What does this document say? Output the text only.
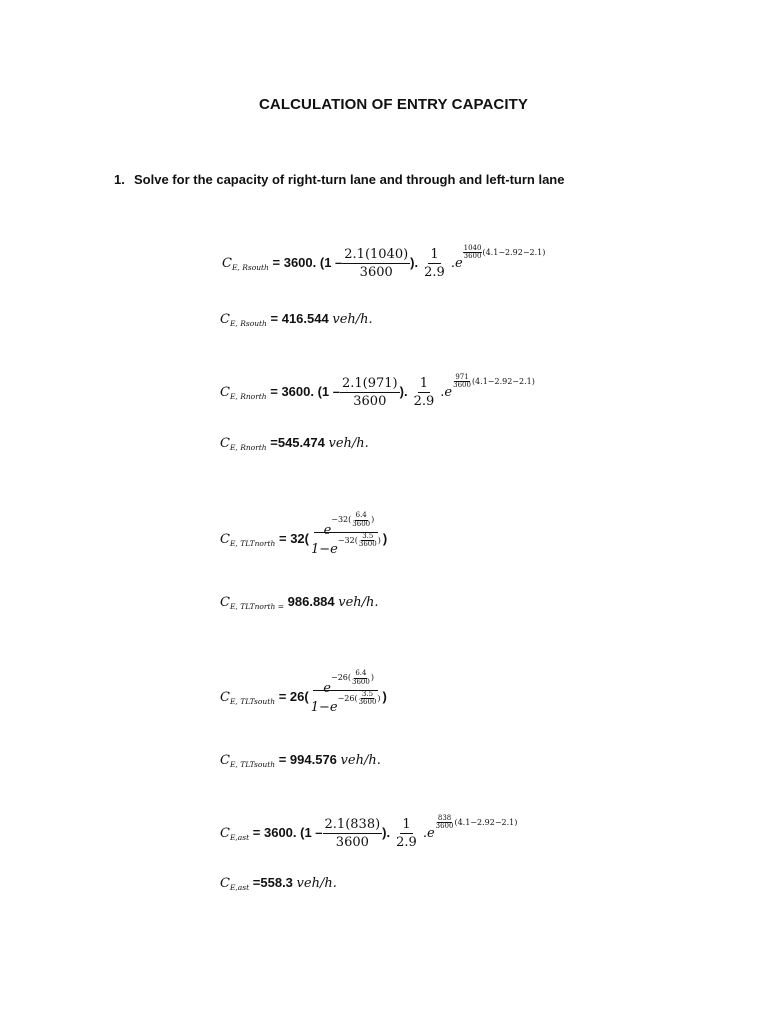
CALCULATION OF ENTRY CAPACITY
1. Solve for the capacity of right-turn lane and through and left-turn lane
$C_{E, Rsouth} = 3600$. ($1 - \frac{2.1(1040)}{3600}$ ). $\frac{1}{2.9} .e$
$^{\frac{1040}{3600} (4.1-2.92-2.1)}$
$C_{E, Rsouth} = 416.544$ veh/h.
$C_{E, Rnorth} = 3600$. ($1 - \frac{2.1(971)}{3600}$ ). $\frac{1}{2.9} .e$
$^{\frac{971}{3600} (4.1-2.92-2.1)}$
$C_{E, Rnorth} =545.474$ veh/h.
$C_{E, TLTnorth} = 32$( $e-32( \frac{6.4}{3600}$ )
$1-e^{-32( \frac{3.5}{3600} )}$ )
$C_{E, TLTnorth =}$ 986.884 veh/h.
$C_{E, TLTsouth} = 26$( $e-26( \frac{6.4}{3600}$ )
$1-e^{-26( \frac{3.5}{3600} )}$ )
$C_{E, TLTsouth} = 994.576$ veh/h.
$C_{E,ast} = 3600$. ($1 - \frac{2.1(838)}{3600}$ ). $\frac{1}{2.9} .e$
$^{\frac{838}{3600} (4.1-2.92-2.1)}$
$C_{E,ast} =558.3$ veh/h.
